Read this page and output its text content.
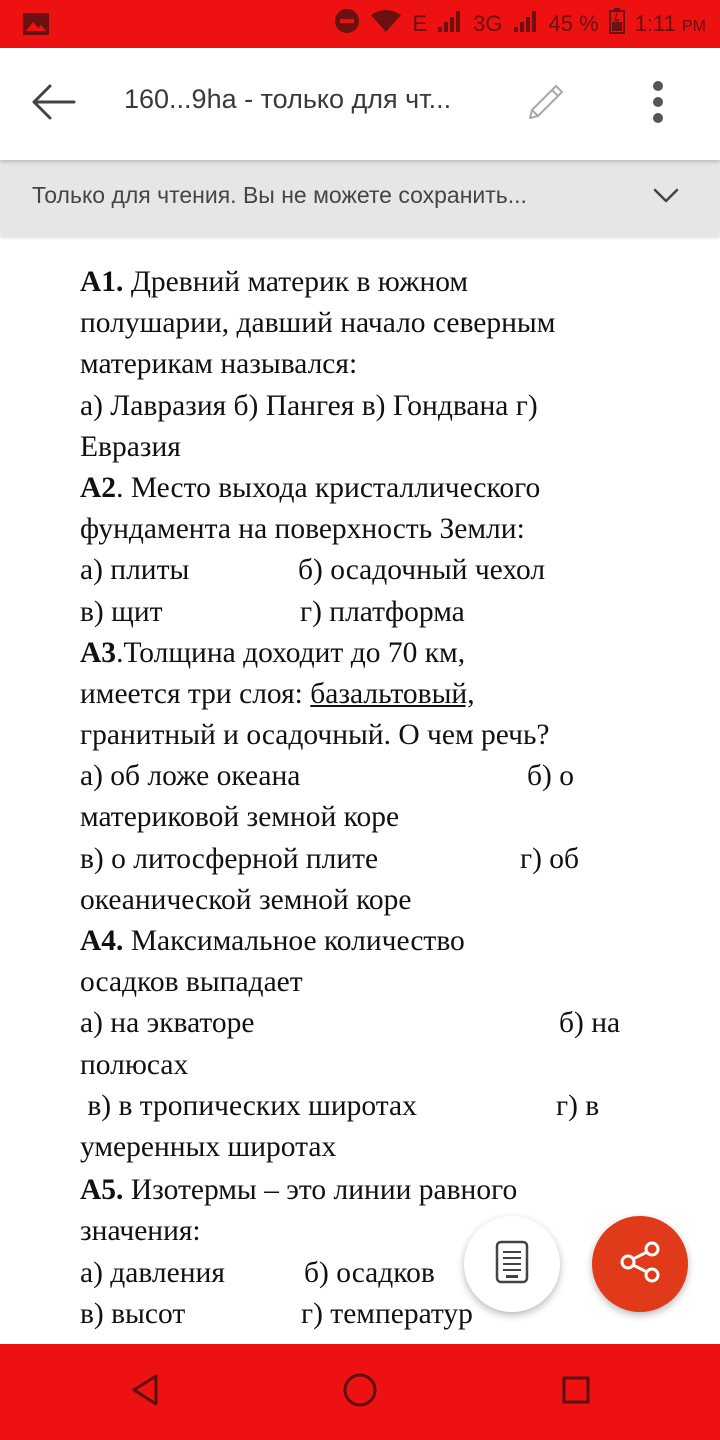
E 3G 45 % 1:11 PM
160...9ha - только для чт...
Только для чтения. Вы не можете сохранить...
А1. Древний материк в южном
полушарии, давший начало северным
материкам назывался:
а) Лавразия б) Пангея в) Гондвана г)
Евразия
А2. Место выхода кристаллического
фундамента на поверхность Земли:
а) плиты	б) осадочный чехол
в) щит	г) платформа
А3.Толщина доходит до 70 км,
имеется три слоя: базальтовый,
гранитный и осадочный. О чем речь?
а) об ложе океана	б) о
материковой земной коре
в) о литосферной плите	г) об
океанической земной коре
А4. Максимальное количество
осадков выпадает
а) на экваторе	б) на
полюсах
в) в тропических широтах	г) в
умеренных широтах
А5. Изотермы – это линии равного
значения:
а) давления	б) осадков
в) высот	г) температур
